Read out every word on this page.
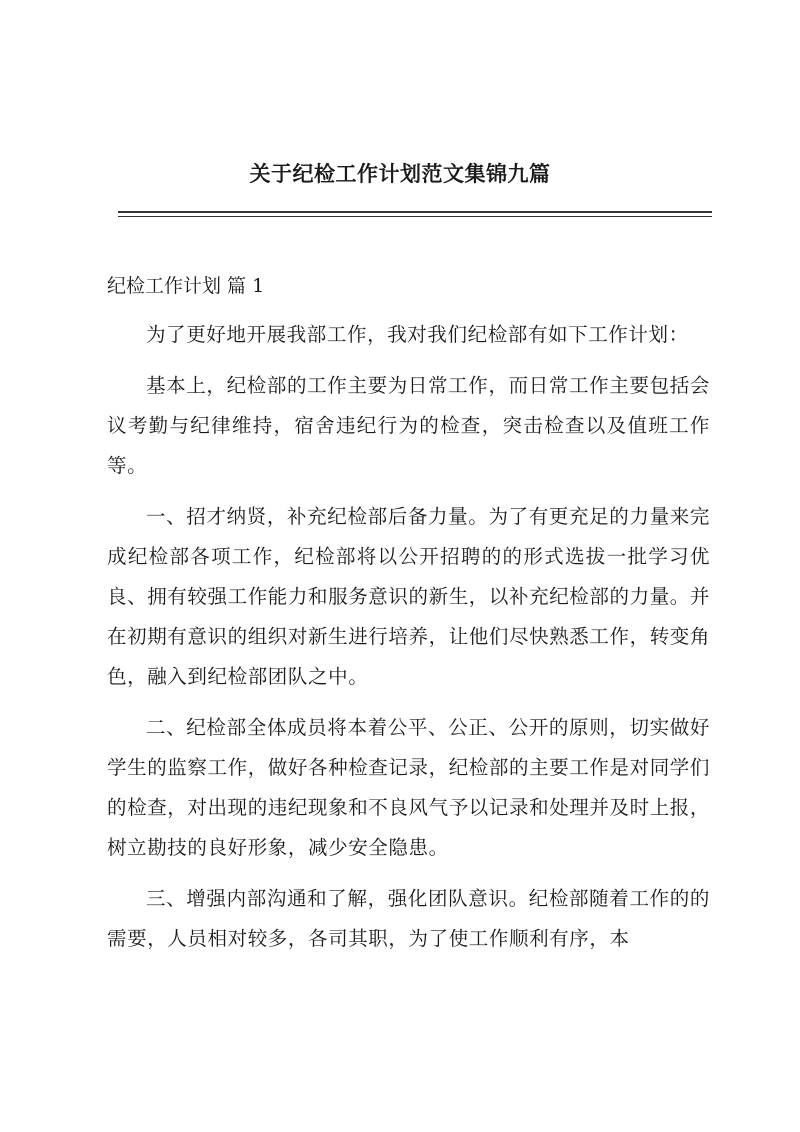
关于纪检工作计划范文集锦九篇
纪检工作计划 篇 1

为了更好地开展我部工作，我对我们纪检部有如下工作计划：

基本上，纪检部的工作主要为日常工作，而日常工作主要包括会议考勤与纪律维持，宿舍违纪行为的检查，突击检查以及值班工作等。

一、招才纳贤，补充纪检部后备力量。为了有更充足的力量来完成纪检部各项工作，纪检部将以公开招聘的的形式选拔一批学习优良、拥有较强工作能力和服务意识的新生，以补充纪检部的力量。并在初期有意识的组织对新生进行培养，让他们尽快熟悉工作，转变角色，融入到纪检部团队之中。

二、纪检部全体成员将本着公平、公正、公开的原则，切实做好学生的监察工作，做好各种检查记录，纪检部的主要工作是对同学们的检查，对出现的违纪现象和不良风气予以记录和处理并及时上报，树立勘技的良好形象，减少安全隐患。

三、增强内部沟通和了解，强化团队意识。纪检部随着工作的的需要，人员相对较多，各司其职，为了使工作顺利有序，本
